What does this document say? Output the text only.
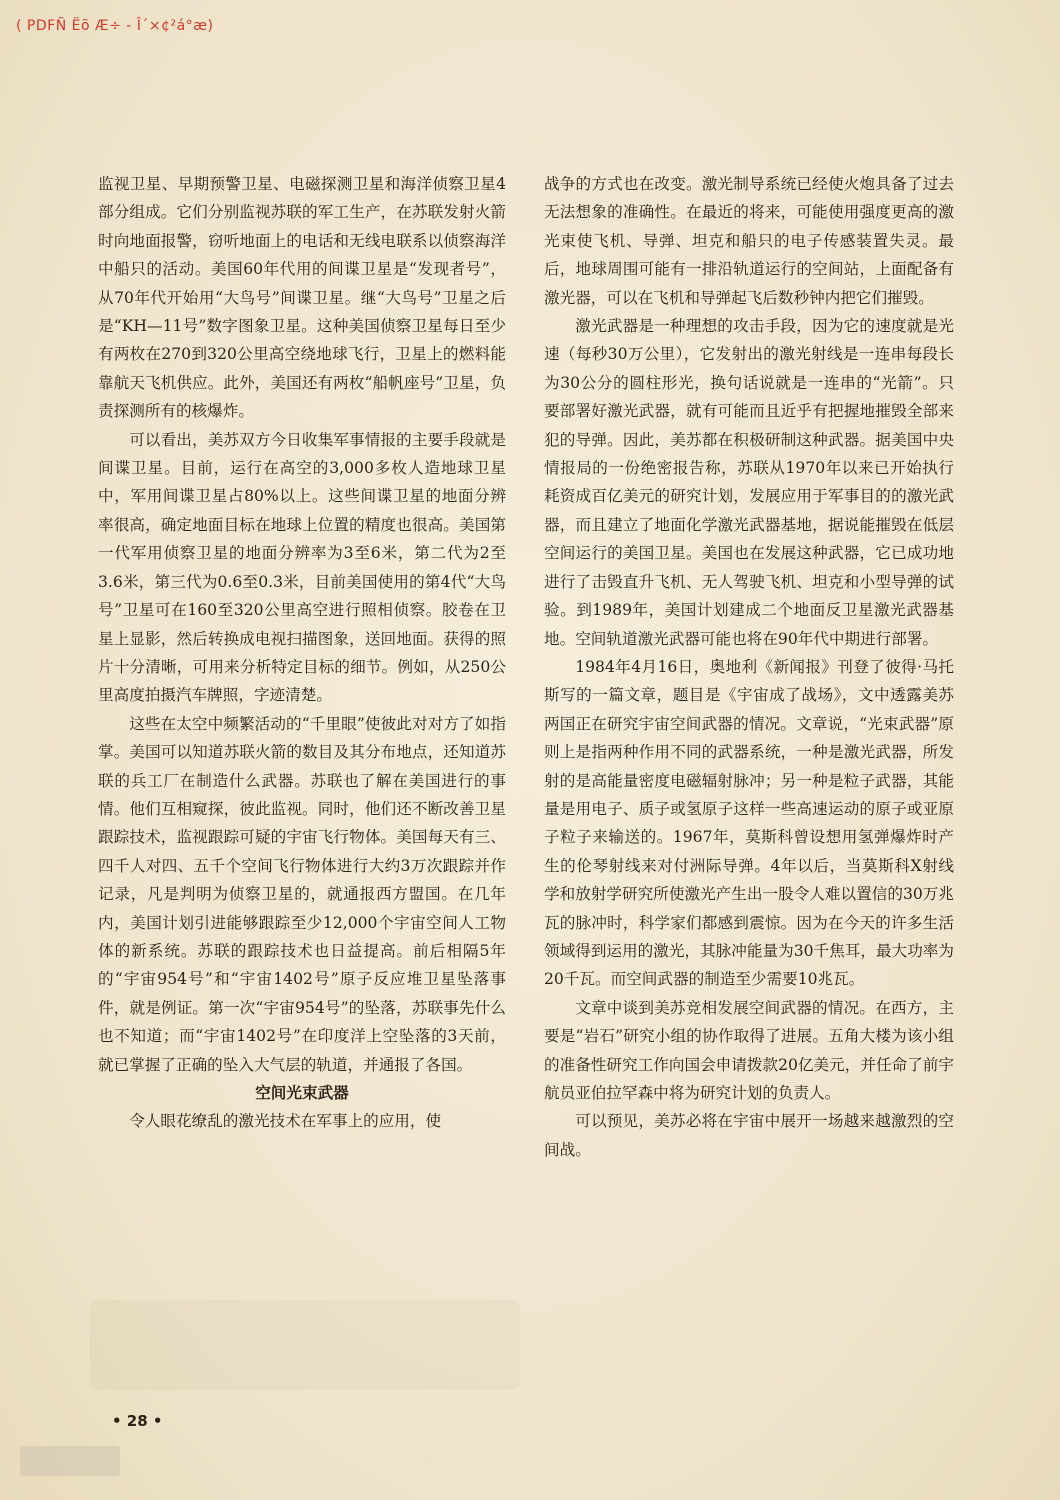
( PDFÑ Ëõ Æ÷ - Î´×¢²á°æ)

监视卫星、早期预警卫星、电磁探测卫星和海洋侦察卫星4部分组成。它们分别监视苏联的军工生产，在苏联发射火箭时向地面报警，窃听地面上的电话和无线电联系以侦察海洋中船只的活动。美国60年代用的间谍卫星是“发现者号”，从70年代开始用“大鸟号”间谍卫星。继“大鸟号”卫星之后是“KH—11号”数字图象卫星。这种美国侦察卫星每日至少有两枚在270到320公里高空绕地球飞行，卫星上的燃料能靠航天飞机供应。此外，美国还有两枚“船帆座号”卫星，负责探测所有的核爆炸。

可以看出，美苏双方今日收集军事情报的主要手段就是间谍卫星。目前，运行在高空的3,000多枚人造地球卫星中，军用间谍卫星占80%以上。这些间谍卫星的地面分辨率很高，确定地面目标在地球上位置的精度也很高。美国第一代军用侦察卫星的地面分辨率为3至6米，第二代为2至3.6米，第三代为0.6至0.3米，目前美国使用的第4代“大鸟号”卫星可在160至320公里高空进行照相侦察。胶卷在卫星上显影，然后转换成电视扫描图象，送回地面。获得的照片十分清晰，可用来分析特定目标的细节。例如，从250公里高度拍摄汽车牌照，字迹清楚。

这些在太空中频繁活动的“千里眼”使彼此对对方了如指掌。美国可以知道苏联火箭的数目及其分布地点，还知道苏联的兵工厂在制造什么武器。苏联也了解在美国进行的事情。他们互相窥探，彼此监视。同时，他们还不断改善卫星跟踪技术，监视跟踪可疑的宇宙飞行物体。美国每天有三、四千人对四、五千个空间飞行物体进行大约3万次跟踪并作记录，凡是判明为侦察卫星的，就通报西方盟国。在几年内，美国计划引进能够跟踪至少12,000个宇宙空间人工物体的新系统。苏联的跟踪技术也日益提高。前后相隔5年的“宇宙954号”和“宇宙1402号”原子反应堆卫星坠落事件，就是例证。第一次“宇宙954号”的坠落，苏联事先什么也不知道；而“宇宙1402号”在印度洋上空坠落的3天前，就已掌握了正确的坠入大气层的轨道，并通报了各国。

空间光束武器

令人眼花缭乱的激光技术在军事上的应用，使

战争的方式也在改变。激光制导系统已经使火炮具备了过去无法想象的准确性。在最近的将来，可能使用强度更高的激光束使飞机、导弹、坦克和船只的电子传感装置失灵。最后，地球周围可能有一排沿轨道运行的空间站，上面配备有激光器，可以在飞机和导弹起飞后数秒钟内把它们摧毁。

激光武器是一种理想的攻击手段，因为它的速度就是光速（每秒30万公里），它发射出的激光射线是一连串每段长为30公分的圆柱形光，换句话说就是一连串的“光箭”。只要部署好激光武器，就有可能而且近乎有把握地摧毁全部来犯的导弹。因此，美苏都在积极研制这种武器。据美国中央情报局的一份绝密报告称，苏联从1970年以来已开始执行耗资成百亿美元的研究计划，发展应用于军事目的的激光武器，而且建立了地面化学激光武器基地，据说能摧毁在低层空间运行的美国卫星。美国也在发展这种武器，它已成功地进行了击毁直升飞机、无人驾驶飞机、坦克和小型导弹的试验。到1989年，美国计划建成二个地面反卫星激光武器基地。空间轨道激光武器可能也将在90年代中期进行部署。

1984年4月16日，奥地利《新闻报》刊登了彼得·马托斯写的一篇文章，题目是《宇宙成了战场》，文中透露美苏两国正在研究宇宙空间武器的情况。文章说，“光束武器”原则上是指两种作用不同的武器系统，一种是激光武器，所发射的是高能量密度电磁辐射脉冲；另一种是粒子武器，其能量是用电子、质子或氢原子这样一些高速运动的原子或亚原子粒子来输送的。1967年，莫斯科曾设想用氢弹爆炸时产生的伦琴射线来对付洲际导弹。4年以后，当莫斯科X射线学和放射学研究所使激光产生出一股令人难以置信的30万兆瓦的脉冲时，科学家们都感到震惊。因为在今天的许多生活领域得到运用的激光，其脉冲能量为30千焦耳，最大功率为20千瓦。而空间武器的制造至少需要10兆瓦。

文章中谈到美苏竞相发展空间武器的情况。在西方，主要是“岩石”研究小组的协作取得了进展。五角大楼为该小组的准备性研究工作向国会申请拨款20亿美元，并任命了前宇航员亚伯拉罕森中将为研究计划的负责人。

可以预见，美苏必将在宇宙中展开一场越来越激烈的空间战。

• 28 •
